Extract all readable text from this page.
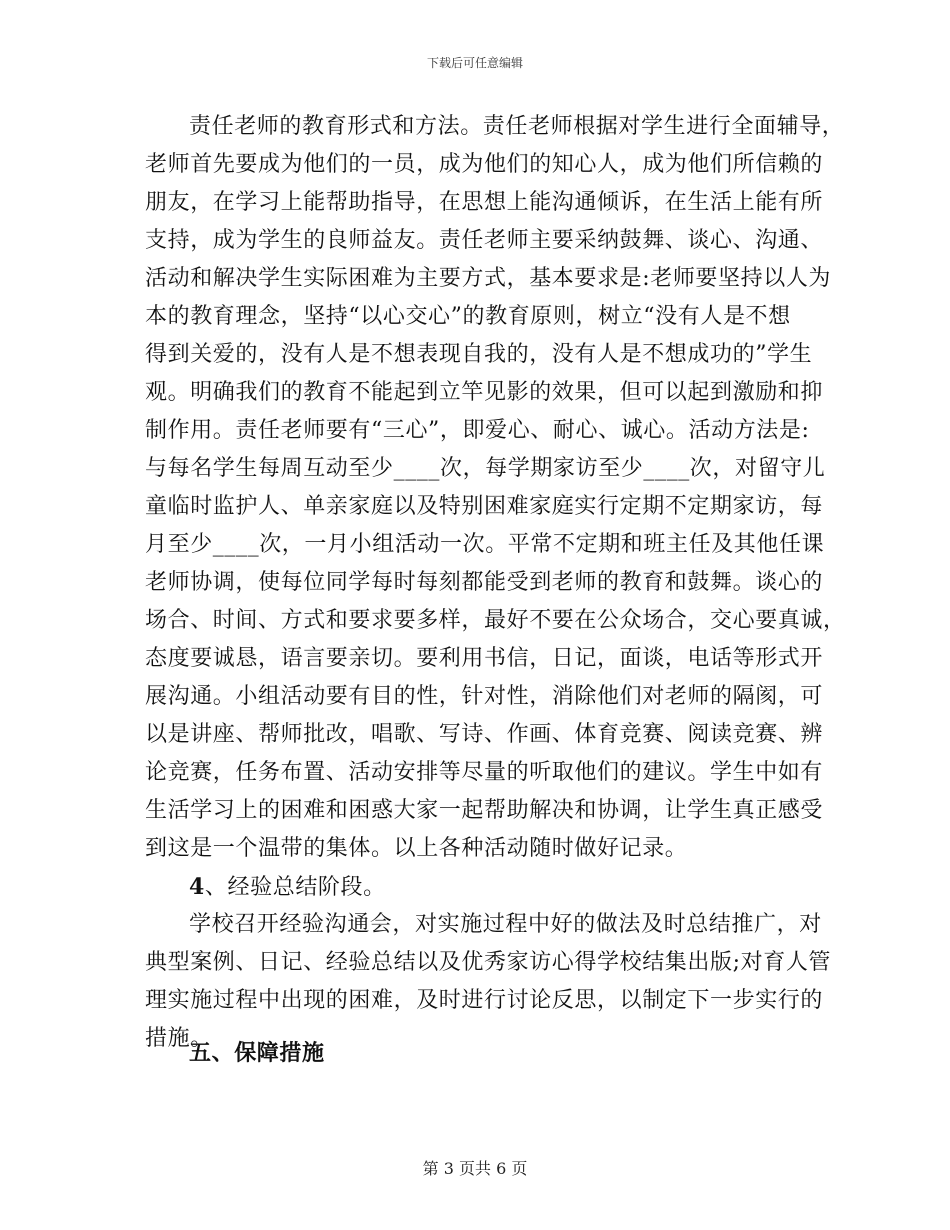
下载后可任意编辑
责任老师的教育形式和方法。责任老师根据对学生进行全面辅导，
老师首先要成为他们的一员，成为他们的知心人，成为他们所信赖的
朋友，在学习上能帮助指导，在思想上能沟通倾诉，在生活上能有所
支持，成为学生的良师益友。责任老师主要采纳鼓舞、谈心、沟通、
活动和解决学生实际困难为主要方式，基本要求是:老师要坚持以人为
本的教育理念，坚持“以心交心”的教育原则，树立“没有人是不想
得到关爱的，没有人是不想表现自我的，没有人是不想成功的”学生
观。明确我们的教育不能起到立竿见影的效果，但可以起到激励和抑
制作用。责任老师要有“三心”，即爱心、耐心、诚心。活动方法是:
与每名学生每周互动至少____次，每学期家访至少____次，对留守儿
童临时监护人、单亲家庭以及特别困难家庭实行定期不定期家访，每
月至少____次，一月小组活动一次。平常不定期和班主任及其他任课
老师协调，使每位同学每时每刻都能受到老师的教育和鼓舞。谈心的
场合、时间、方式和要求要多样，最好不要在公众场合，交心要真诚，
态度要诚恳，语言要亲切。要利用书信，日记，面谈，电话等形式开
展沟通。小组活动要有目的性，针对性，消除他们对老师的隔阂，可
以是讲座、帮师批改，唱歌、写诗、作画、体育竞赛、阅读竞赛、辨
论竞赛，任务布置、活动安排等尽量的听取他们的建议。学生中如有
生活学习上的困难和困惑大家一起帮助解决和协调，让学生真正感受
到这是一个温带的集体。以上各种活动随时做好记录。
4、经验总结阶段。
学校召开经验沟通会，对实施过程中好的做法及时总结推广，对
典型案例、日记、经验总结以及优秀家访心得学校结集出版;对育人管
理实施过程中出现的困难，及时进行讨论反思，以制定下一步实行的
措施。
五、保障措施
第 3 页共 6 页
